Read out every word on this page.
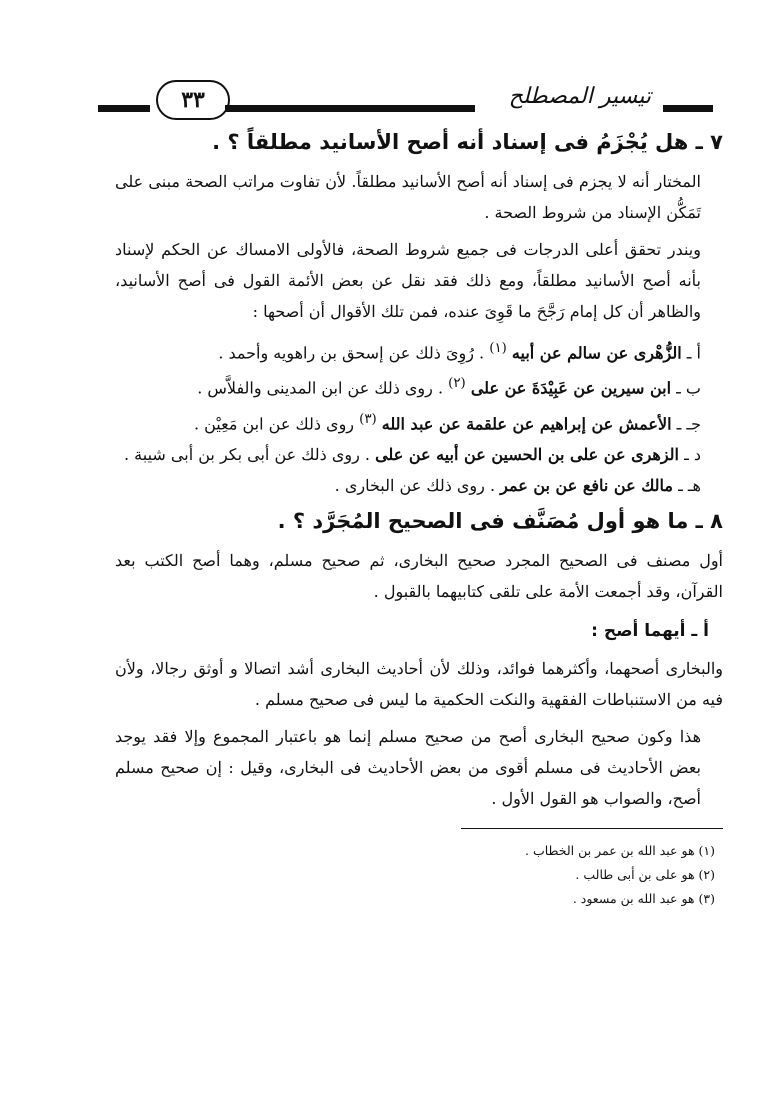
تيسير المصطلح
٣٣
٧ ـ هل يُجْزَمُ فى إسناد أنه أصح الأسانيد مطلقاً ؟ .

المختار أنه لا يجزم فى إسناد أنه أصح الأسانيد مطلقاً. لأن تفاوت مراتب الصحة مبنى على تَمَكُّن الإسناد من شروط الصحة .

ويندر تحقق أعلى الدرجات فى جميع شروط الصحة، فالأولى الامساك عن الحكم لإسناد بأنه أصح الأسانيد مطلقاً، ومع ذلك فقد نقل عن بعض الأئمة القول فى أصح الأسانيد، والظاهر أن كل إمام رَجَّحَ ما قَوِىَ عنده، فمن تلك الأقوال أن أصحها :

أ ـ الزُّهْرى عن سالم عن أبيه $^{(١)}$ . رُوِىَ ذلك عن إسحق بن راهويه وأحمد .

ب ـ ابن سيرين عن عَبِيْدَةَ عن على $^{(٢)}$ . روى ذلك عن ابن المدينى والفلاَّس .

جـ ـ الأعمش عن إبراهيم عن علقمة عن عبد الله $^{(٣)}$ روى ذلك عن ابن مَعِيْن .

د ـ الزهرى عن على بن الحسين عن أبيه عن على . روى ذلك عن أبى بكر بن أبى شيبة .

هـ ـ مالك عن نافع عن بن عمر . روى ذلك عن البخارى .

٨ ـ ما هو أول مُصَنَّف فى الصحيح المُجَرَّد ؟ .

أول مصنف فى الصحيح المجرد صحيح البخارى، ثم صحيح مسلم، وهما أصح الكتب بعد القرآن، وقد أجمعت الأمة على تلقى كتابيهما بالقبول .

أ ـ أيهما أصح :

والبخارى أصحهما، وأكثرهما فوائد، وذلك لأن أحاديث البخارى أشد اتصالا و أوثق رجالا، ولأن فيه من الاستنباطات الفقهية والنكت الحكمية ما ليس فى صحيح مسلم .

هذا وكون صحيح البخارى أصح من صحيح مسلم إنما هو باعتبار المجموع وإلا فقد يوجد بعض الأحاديث فى مسلم أقوى من بعض الأحاديث فى البخارى، وقيل : إن صحيح مسلم أصح، والصواب هو القول الأول .

(١) هو عبد الله بن عمر بن الخطاب .

(٢) هو على بن أبى طالب .

(٣) هو عبد الله بن مسعود .
